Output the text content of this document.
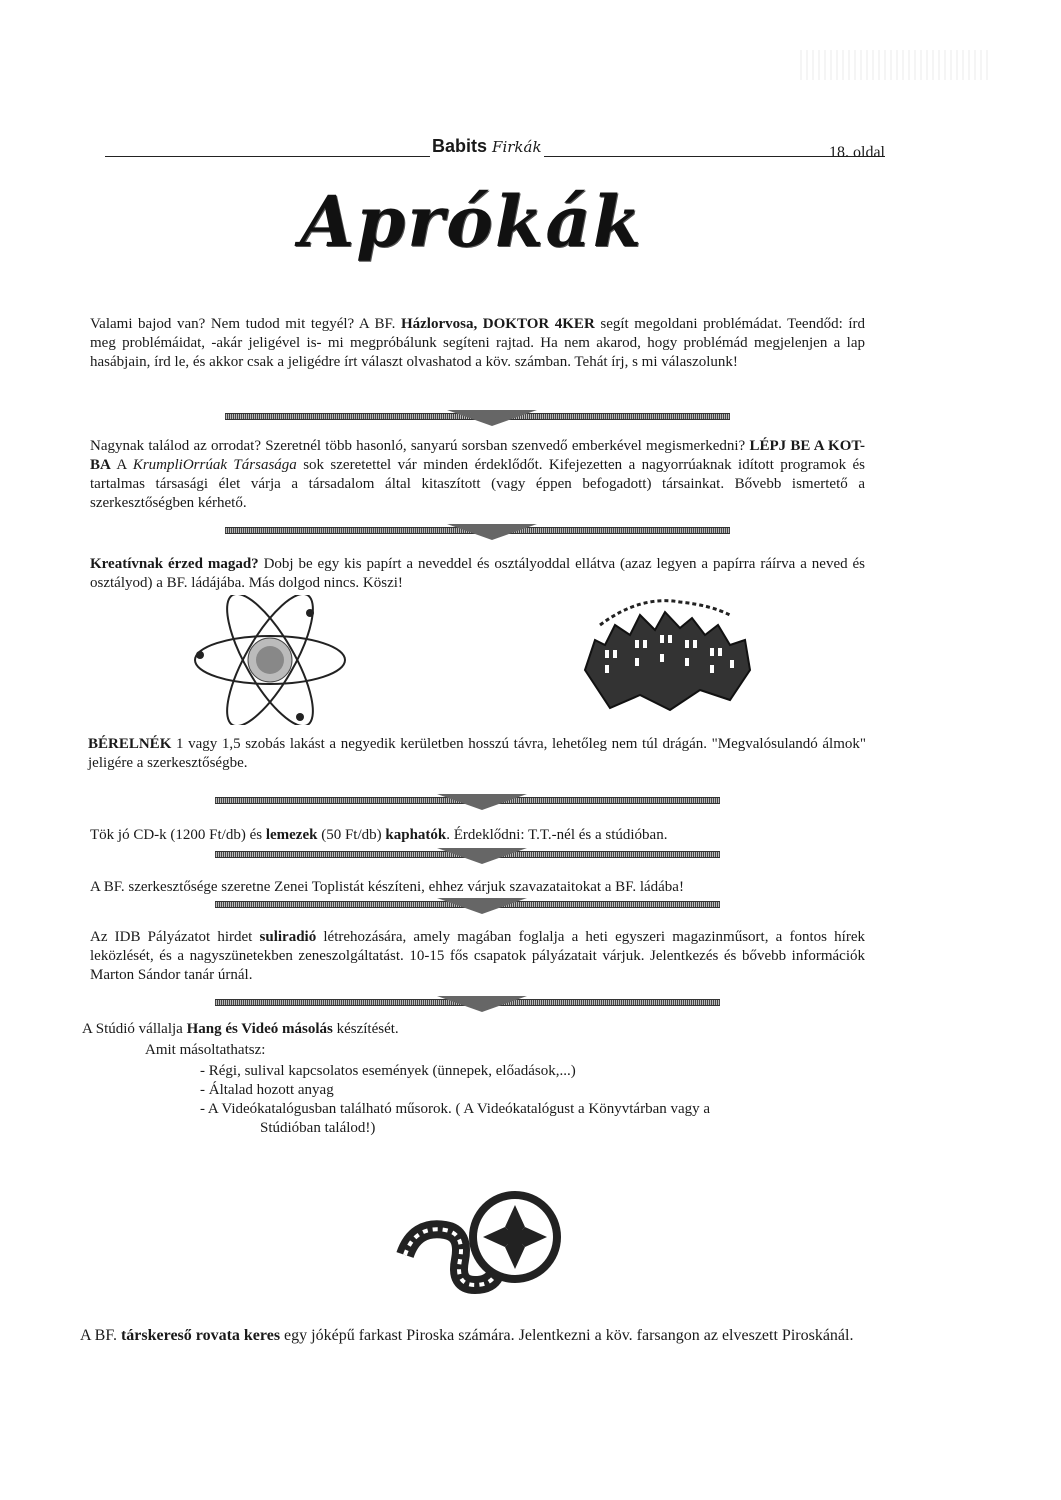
Babits Firkák	18. oldal
Aprókák
Valami bajod van? Nem tudod mit tegyél? A BF. Házlorvosa, DOKTOR 4KER segít megoldani problémádat. Teendőd: írd meg problémáidat, -akár jeligével is- mi megpróbálunk segíteni rajtad. Ha nem akarod, hogy problémád megjelenjen a lap hasábjain, írd le, és akkor csak a jeligédre írt választ olvashatod a köv. számban. Tehát írj, s mi válaszolunk!
Nagynak találod az orrodat? Szeretnél több hasonló, sanyarú sorsban szenvedő emberkével megismerkedni? LÉPJ BE A KOT-BA A KrumpliOrrúak Társasága sok szeretettel vár minden érdeklődőt. Kifejezetten a nagyorrúaknak idított programok és tartalmas társasági élet várja a társadalom által kitaszított (vagy éppen befogadott) társainkat. Bővebb ismertető a szerkesztőségben kérhető.
Kreatívnak érzed magad? Dobj be egy kis papírt a neveddel és osztályoddal ellátva (azaz legyen a papírra ráírva a neved és osztályod) a BF. ládájába. Más dolgod nincs. Köszi!
BÉRELNÉK 1 vagy 1,5 szobás lakást a negyedik kerületben hosszú távra, lehetőleg nem túl drágán. "Megvalósulandó álmok" jeligére a szerkesztőségbe.
Tök jó CD-k (1200 Ft/db) és lemezek (50 Ft/db) kaphatók. Érdeklődni: T.T.-nél és a stúdióban.
A BF. szerkesztősége szeretne Zenei Toplistát készíteni, ehhez várjuk szavazataitokat a BF. ládába!
Az IDB Pályázatot hirdet suliradió létrehozására, amely magában foglalja a heti egyszeri magazinműsort, a fontos hírek leközlését, és a nagyszünetekben zeneszolgáltatást. 10-15 fős csapatok pályázatait várjuk. Jelentkezés és bővebb információk Marton Sándor tanár úrnál.
A Stúdió vállalja Hang és Videó másolás készítését.
Amit másoltathatsz:
- Régi, sulival kapcsolatos események (ünnepek, előadások,...)
- Általad hozott anyag
- A Videókatalógusban található műsorok. ( A Videókatalógust a Könyvtárban vagy a
Stúdióban találod!)
A BF. társkereső rovata keres egy jóképű farkast Piroska számára. Jelentkezni a köv. farsangon az elveszett Piroskánál.
